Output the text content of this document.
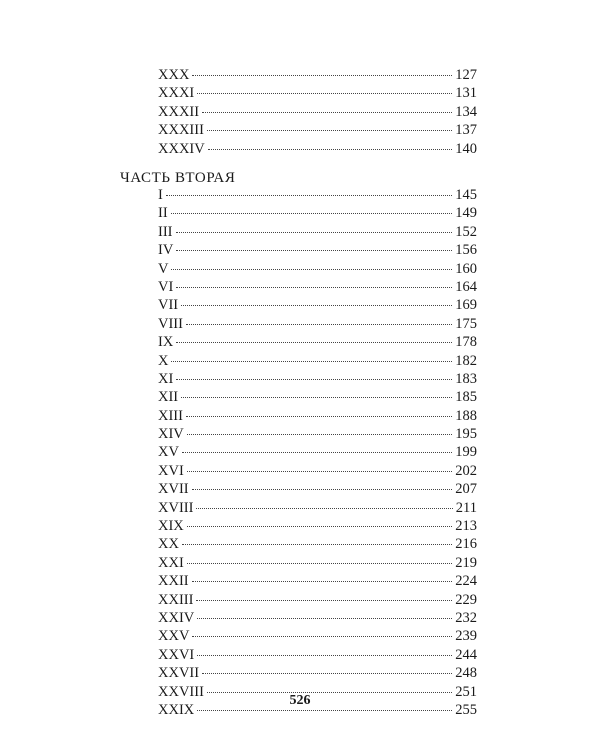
XXX	127
XXXI	131
XXXII	134
XXXIII	137
XXXIV	140
ЧАСТЬ ВТОРАЯ
I	145
II	149
III	152
IV	156
V	160
VI	164
VII	169
VIII	175
IX	178
X	182
XI	183
XII	185
XIII	188
XIV	195
XV	199
XVI	202
XVII	207
XVIII	211
XIX	213
XX	216
XXI	219
XXII	224
XXIII	229
XXIV	232
XXV	239
XXVI	244
XXVII	248
XXVIII	251
XXIX	255
526
